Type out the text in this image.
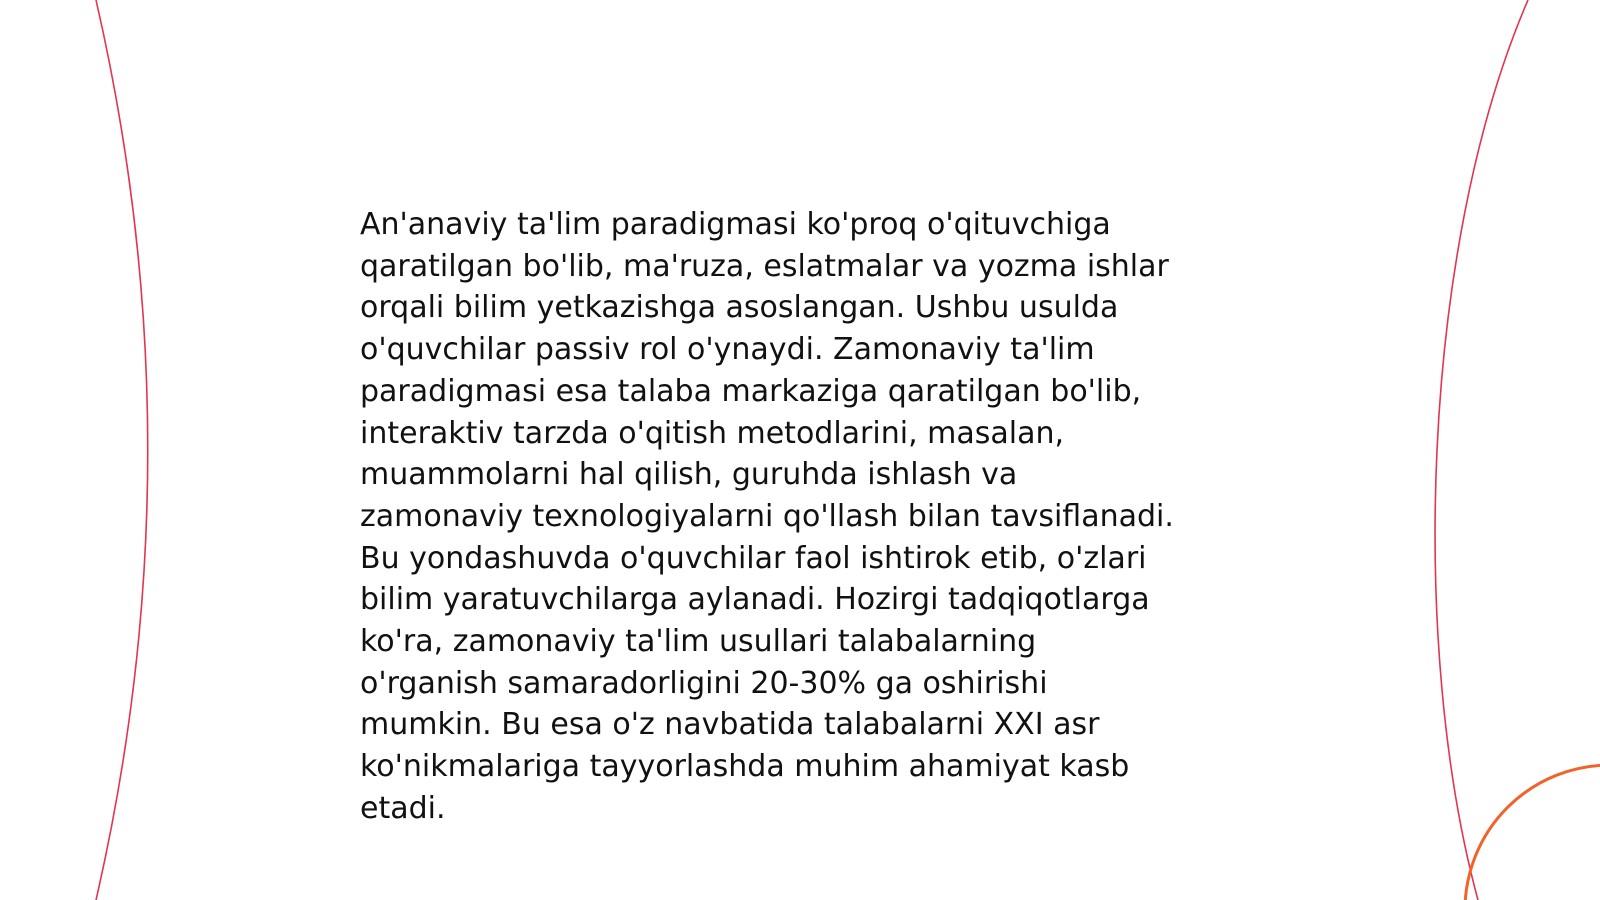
An'anaviy ta'lim paradigmasi ko'proq o'qituvchiga
qaratilgan bo'lib, ma'ruza, eslatmalar va yozma ishlar
orqali bilim yetkazishga asoslangan. Ushbu usulda
o'quvchilar passiv rol o'ynaydi. Zamonaviy ta'lim
paradigmasi esa talaba markaziga qaratilgan bo'lib,
interaktiv tarzda o'qitish metodlarini, masalan,
muammolarni hal qilish, guruhda ishlash va
zamonaviy texnologiyalarni qo'llash bilan tavsiflanadi.
Bu yondashuvda o'quvchilar faol ishtirok etib, o'zlari
bilim yaratuvchilarga aylanadi. Hozirgi tadqiqotlarga
ko'ra, zamonaviy ta'lim usullari talabalarning
o'rganish samaradorligini 20-30% ga oshirishi
mumkin. Bu esa o'z navbatida talabalarni XXI asr
ko'nikmalariga tayyorlashda muhim ahamiyat kasb
etadi.
